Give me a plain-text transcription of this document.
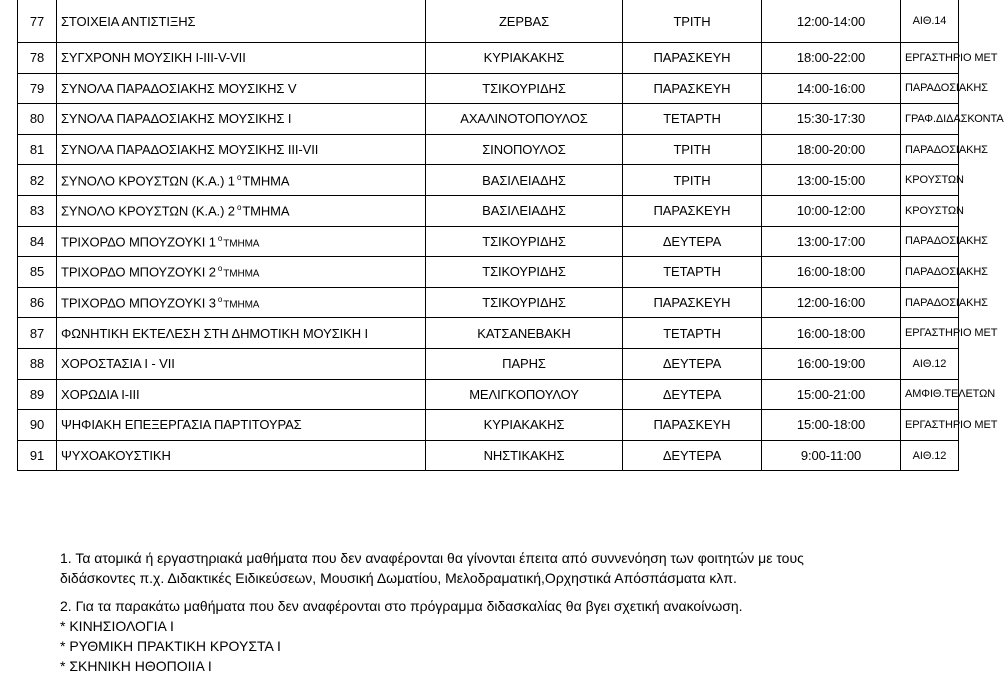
77	ΣΤΟΙΧΕΙΑ ΑΝΤΙΣΤΙΞΗΣ	ΖΕΡΒΑΣ	ΤΡΙΤΗ	12:00-14:00	ΑΙΘ.14
78	ΣΥΓΧΡΟΝΗ ΜΟΥΣΙΚΗ I-III-V-VII	ΚΥΡΙΑΚΑΚΗΣ	ΠΑΡΑΣΚΕΥΗ	18:00-22:00	ΕΡΓΑΣΤΗΡΙΟ ΜΕΤ
79	ΣΥΝΟΛΑ ΠΑΡΑΔΟΣΙΑΚΗΣ ΜΟΥΣΙΚΗΣ V	ΤΣΙΚΟΥΡΙΔΗΣ	ΠΑΡΑΣΚΕΥΗ	14:00-16:00	ΠΑΡΑΔΟΣΙΑΚΗΣ
80	ΣΥΝΟΛΑ ΠΑΡΑΔΟΣΙΑΚΗΣ ΜΟΥΣΙΚΗΣ Ι	ΑΧΑΛΙΝΟΤΟΠΟΥΛΟΣ	ΤΕΤΑΡΤΗ	15:30-17:30	ΓΡΑΦ.ΔΙΔΑΣΚΟΝΤΑ
81	ΣΥΝΟΛΑ ΠΑΡΑΔΟΣΙΑΚΗΣ ΜΟΥΣΙΚΗΣ III-VII	ΣΙΝΟΠΟΥΛΟΣ	ΤΡΙΤΗ	18:00-20:00	ΠΑΡΑΔΟΣΙΑΚΗΣ
82	ΣΥΝΟΛΟ ΚΡΟΥΣΤΩΝ (Κ.Α.) 1 $^o$ΤΜΗΜΑ	ΒΑΣΙΛΕΙΑΔΗΣ	ΤΡΙΤΗ	13:00-15:00	ΚΡΟΥΣΤΩΝ
83	ΣΥΝΟΛΟ ΚΡΟΥΣΤΩΝ (Κ.Α.) 2 $^o$ΤΜΗΜΑ	ΒΑΣΙΛΕΙΑΔΗΣ	ΠΑΡΑΣΚΕΥΗ	10:00-12:00	ΚΡΟΥΣΤΩΝ
84	ΤΡΙΧΟΡΔΟ ΜΠΟΥΖΟΥΚΙ 1 $^o$ΤΜΗΜΑ	ΤΣΙΚΟΥΡΙΔΗΣ	ΔΕΥΤΕΡΑ	13:00-17:00	ΠΑΡΑΔΟΣΙΑΚΗΣ
85	ΤΡΙΧΟΡΔΟ ΜΠΟΥΖΟΥΚΙ 2 $^o$ΤΜΗΜΑ	ΤΣΙΚΟΥΡΙΔΗΣ	ΤΕΤΑΡΤΗ	16:00-18:00	ΠΑΡΑΔΟΣΙΑΚΗΣ
86	ΤΡΙΧΟΡΔΟ ΜΠΟΥΖΟΥΚΙ 3 $^o$ΤΜΗΜΑ	ΤΣΙΚΟΥΡΙΔΗΣ	ΠΑΡΑΣΚΕΥΗ	12:00-16:00	ΠΑΡΑΔΟΣΙΑΚΗΣ
87	ΦΩΝΗΤΙΚΗ ΕΚΤΕΛΕΣΗ ΣΤΗ ΔΗΜΟΤΙΚΗ ΜΟΥΣΙΚΗ Ι	ΚΑΤΣΑΝΕΒΑΚΗ	ΤΕΤΑΡΤΗ	16:00-18:00	ΕΡΓΑΣΤΗΡΙΟ ΜΕΤ
88	ΧΟΡΟΣΤΑΣΙΑ Ι - VII	ΠΑΡΗΣ	ΔΕΥΤΕΡΑ	16:00-19:00	ΑΙΘ.12
89	ΧΟΡΩΔΙΑ I-III	ΜΕΛΙΓΚΟΠΟΥΛΟΥ	ΔΕΥΤΕΡΑ	15:00-21:00	ΑΜΦΙΘ.ΤΕΛΕΤΩΝ
90	ΨΗΦΙΑΚΗ ΕΠΕΞΕΡΓΑΣΙΑ ΠΑΡΤΙΤΟΥΡΑΣ	ΚΥΡΙΑΚΑΚΗΣ	ΠΑΡΑΣΚΕΥΗ	15:00-18:00	ΕΡΓΑΣΤΗΡΙΟ ΜΕΤ
91	ΨΥΧΟΑΚΟΥΣΤΙΚΗ	ΝΗΣΤΙΚΑΚΗΣ	ΔΕΥΤΕΡΑ	9:00-11:00	ΑΙΘ.12

1. Τα ατομικά ή εργαστηριακά μαθήματα που δεν αναφέρονται θα γίνονται έπειτα από συννενόηση των φοιτητών με τους

διδάσκοντες π.χ. Διδακτικές Ειδικεύσεων, Μουσική Δωματίου, Μελοδραματική,Ορχηστικά Απόσπάσματα κλπ.

2. Για τα παρακάτω μαθήματα που δεν αναφέρονται στο πρόγραμμα διδασκαλίας θα βγει σχετική ανακοίνωση.

* ΚΙΝΗΣΙΟΛΟΓΙΑ Ι

* ΡΥΘΜΙΚΗ ΠΡΑΚΤΙΚΗ ΚΡΟΥΣΤΑ Ι

* ΣΚΗΝΙΚΗ ΗΘΟΠΟΙΙΑ Ι
